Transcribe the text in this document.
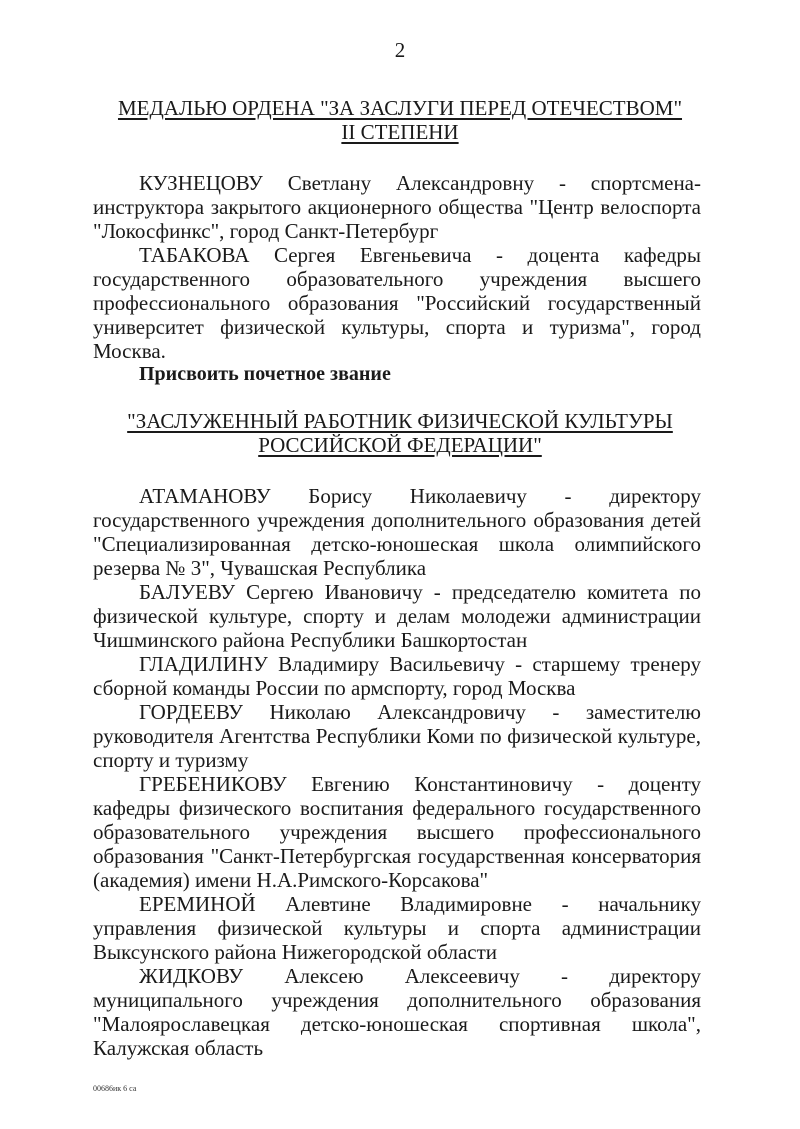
2
МЕДАЛЬЮ ОРДЕНА "ЗА ЗАСЛУГИ ПЕРЕД ОТЕЧЕСТВОМ"
II СТЕПЕНИ

КУЗНЕЦОВУ Светлану Александровну - спортсмена-инструктора закрытого акционерного общества "Центр велоспорта "Локосфинкс", город Санкт-Петербург

ТАБАКОВА Сергея Евгеньевича - доцента кафедры государственного образовательного учреждения высшего профессионального образования "Российский государственный университет физической культуры, спорта и туризма", город Москва.

Присвоить почетное звание
"ЗАСЛУЖЕННЫЙ РАБОТНИК ФИЗИЧЕСКОЙ КУЛЬТУРЫ
РОССИЙСКОЙ ФЕДЕРАЦИИ"

АТАМАНОВУ Борису Николаевичу - директору государственного учреждения дополнительного образования детей "Специализированная детско-юношеская школа олимпийского резерва № 3", Чувашская Республика

БАЛУЕВУ Сергею Ивановичу - председателю комитета по физической культуре, спорту и делам молодежи администрации Чишминского района Республики Башкортостан

ГЛАДИЛИНУ Владимиру Васильевичу - старшему тренеру сборной команды России по армспорту, город Москва

ГОРДЕЕВУ Николаю Александровичу - заместителю руководителя Агентства Республики Коми по физической культуре, спорту и туризму

ГРЕБЕНИКОВУ Евгению Константиновичу - доценту кафедры физического воспитания федерального государственного образовательного учреждения высшего профессионального образования "Санкт-Петербургская государственная консерватория (академия) имени Н.А.Римского-Корсакова"

ЕРЕМИНОЙ Алевтине Владимировне - начальнику управления физической культуры и спорта администрации Выксунского района Нижегородской области

ЖИДКОВУ Алексею Алексеевичу - директору муниципального учреждения дополнительного образования "Малоярославецкая детско-юношеская спортивная школа", Калужская область

00686ик 6 са
